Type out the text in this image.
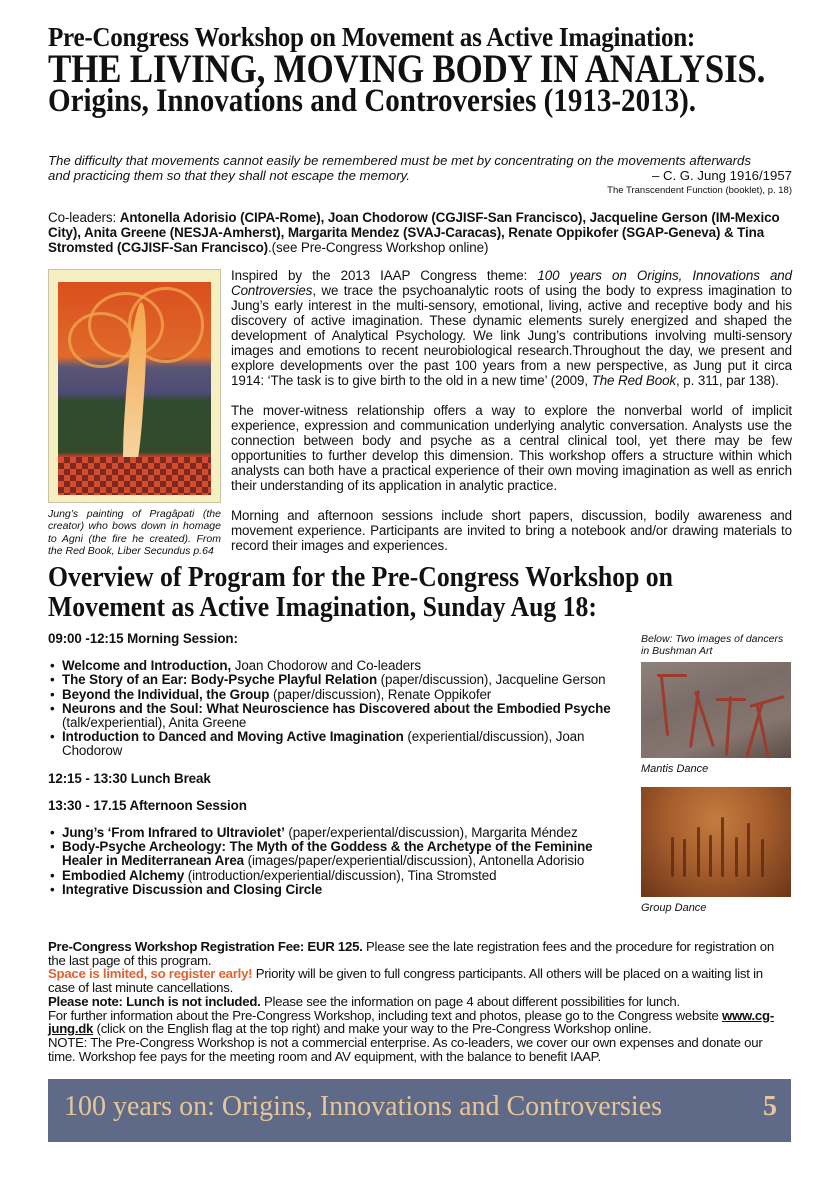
Pre-Congress Workshop on Movement as Active Imagination:
THE LIVING, MOVING BODY IN ANALYSIS.
Origins, Innovations and Controversies (1913-2013).
The difficulty that movements cannot easily be remembered must be met by concentrating on the movements afterwards
and practicing them so that they shall not escape the memory.	– C. G. Jung 1916/1957
The Transcendent Function (booklet), p. 18)
Co-leaders: Antonella Adorisio (CIPA-Rome), Joan Chodorow (CGJISF-San Francisco), Jacqueline Gerson (IM-Mexico City), Anita Greene (NESJA-Amherst), Margarita Mendez (SVAJ-Caracas), Renate Oppikofer (SGAP-Geneva) & Tina Stromsted (CGJISF-San Francisco).(see Pre-Congress Workshop online)
Jung’s painting of Pragâpati (the creator) who bows down in homage to Agni (the fire he created). From the Red Book, Liber Secundus p.64

Inspired by the 2013 IAAP Congress theme: 100 years on Origins, Innovations and Controversies, we trace the psychoanalytic roots of using the body to express imagination to Jung’s early interest in the multi-sensory, emotional, living, active and receptive body and his discovery of active imagination. These dynamic elements surely energized and shaped the development of Analytical Psychology. We link Jung’s contributions involving multi-sensory images and emotions to recent neurobiological research.Throughout the day, we present and explore developments over the past 100 years from a new perspective, as Jung put it circa 1914: ‘The task is to give birth to the old in a new time’ (2009, The Red Book, p. 311, par 138).

The mover-witness relationship offers a way to explore the nonverbal world of implicit experience, expression and communication underlying analytic conversation. Analysts use the connection between body and psyche as a central clinical tool, yet there may be few opportunities to further develop this dimension. This workshop offers a structure within which analysts can both have a practical experience of their own moving imagination as well as enrich their understanding of its application in analytic practice.

Morning and afternoon sessions include short papers, discussion, bodily awareness and movement experience. Participants are invited to bring a notebook and/or drawing materials to record their images and experiences.

Overview of Program for the Pre-Congress Workshop on
Movement as Active Imagination, Sunday Aug 18:
09:00 -12:15 Morning Session:
• Welcome and Introduction, Joan Chodorow and Co-leaders
• The Story of an Ear: Body-Psyche Playful Relation (paper/discussion), Jacqueline Gerson
• Beyond the Individual, the Group (paper/discussion), Renate Oppikofer
• Neurons and the Soul: What Neuroscience has Discovered about the Embodied Psyche (talk/experiential), Anita Greene
• Introduction to Danced and Moving Active Imagination (experiential/discussion), Joan Chodorow
12:15 - 13:30 Lunch Break
13:30 - 17.15 Afternoon Session
• Jung’s ‘From Infrared to Ultraviolet’ (paper/experiental/discussion), Margarita Méndez
• Body-Psyche Archeology: The Myth of the Goddess & the Archetype of the Feminine Healer in Mediterranean Area (images/paper/experiential/discussion), Antonella Adorisio
• Embodied Alchemy (introduction/experiential/discussion), Tina Stromsted
• Integrative Discussion and Closing Circle
Below: Two images of dancers in Bushman Art
Mantis Dance
Group Dance

Pre-Congress Workshop Registration Fee: EUR 125. Please see the late registration fees and the procedure for registration on the last page of this program.

Space is limited, so register early! Priority will be given to full congress participants. All others will be placed on a waiting list in case of last minute cancellations.

Please note: Lunch is not included. Please see the information on page 4 about different possibilities for lunch.

For further information about the Pre-Congress Workshop, including text and photos, please go to the Congress website www.cg-jung.dk (click on the English flag at the top right) and make your way to the Pre-Congress Workshop online.

NOTE: The Pre-Congress Workshop is not a commercial enterprise. As co-leaders, we cover our own expenses and donate our time. Workshop fee pays for the meeting room and AV equipment, with the balance to benefit IAAP.

100 years on: Origins, Innovations and Controversies	5
